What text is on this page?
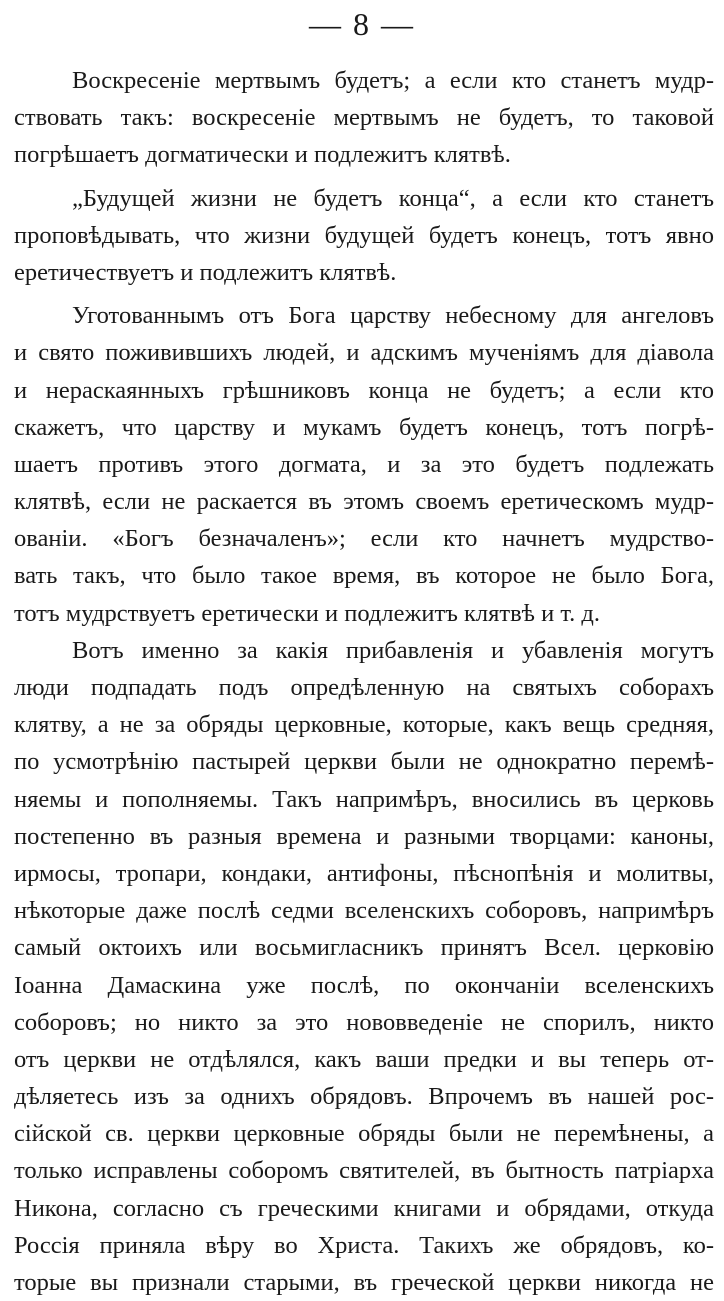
— 8 —
Воскресеніе мертвымъ будетъ; а если кто станетъ мудр-
ствовать такъ: воскресеніе мертвымъ не будетъ, то таковой
погрѣшаетъ догматически и подлежитъ клятвѣ.
„Будущей жизни не будетъ конца“, а если кто станетъ
проповѣдывать, что жизни будущей будетъ конецъ, тотъ явно
еретичествуетъ и подлежитъ клятвѣ.
Уготованнымъ отъ Бога царству небесному для ангеловъ
и свято поживившихъ людей, и адскимъ мученіямъ для діавола
и нераскаянныхъ грѣшниковъ конца не будетъ; а если кто
скажетъ, что царству и мукамъ будетъ конецъ, тотъ погрѣ-
шаетъ противъ этого догмата, и за это будетъ подлежать
клятвѣ, если не раскается въ этомъ своемъ еретическомъ мудр-
ованіи. «Богъ безначаленъ»; если кто начнетъ мудрство-
вать такъ, что было такое время, въ которое не было Бога,
тотъ мудрствуетъ еретически и подлежитъ клятвѣ и т. д.
Вотъ именно за какія прибавленія и убавленія могутъ
люди подпадать подъ опредѣленную на святыхъ соборахъ
клятву, а не за обряды церковные, которые, какъ вещь средняя,
по усмотрѣнію пастырей церкви были не однократно перемѣ-
няемы и пополняемы. Такъ напримѣръ, вносились въ церковь
постепенно въ разныя времена и разными творцами: каноны,
ирмосы, тропари, кондаки, антифоны, пѣснопѣнія и молитвы,
нѣкоторые даже послѣ седми вселенскихъ соборовъ, напримѣръ
самый октоихъ или восьмигласникъ принятъ Всел. церковію
Іоанна Дамаскина уже послѣ, по окончаніи вселенскихъ
соборовъ; но никто за это нововведеніе не спорилъ, никто
отъ церкви не отдѣлялся, какъ ваши предки и вы теперь от-
дѣляетесь изъ за однихъ обрядовъ. Впрочемъ въ нашей рос-
сійской св. церкви церковные обряды были не перемѣнены, а
только исправлены соборомъ святителей, въ бытность патріарха
Никона, согласно съ греческими книгами и обрядами, откуда
Россія приняла вѣру во Христа. Такихъ же обрядовъ, ко-
торые вы признали старыми, въ греческой церкви никогда не
